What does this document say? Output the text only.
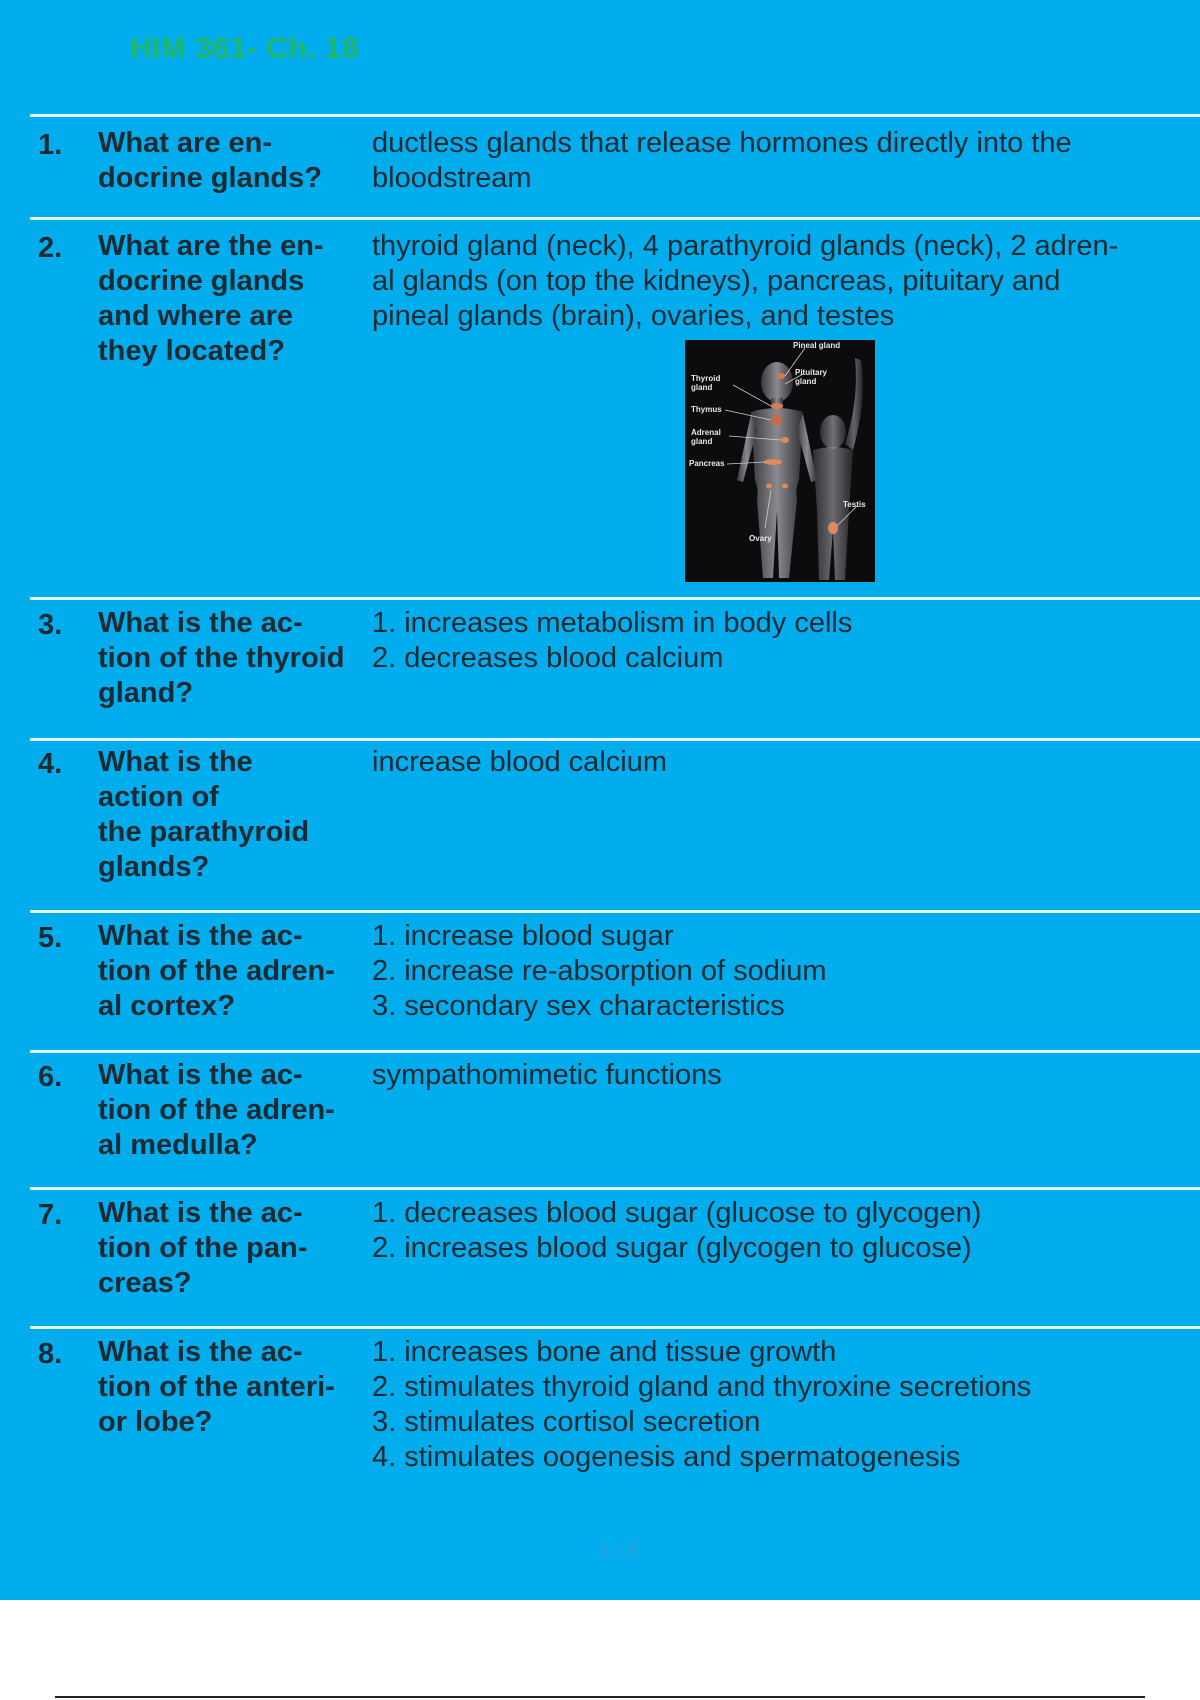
HIM 361- Ch. 18
1. What are en-
docrine glands?
ductless glands that release hormones directly into the
bloodstream
2. What are the en-
docrine glands
and where are
they located?
thyroid gland (neck), 4 parathyroid glands (neck), 2 adren-
al glands (on top the kidneys), pancreas, pituitary and
pineal glands (brain), ovaries, and testes
3. What is the ac-
tion of the thyroid
gland?
1. increases metabolism in body cells
2. decreases blood calcium
4. What is the
action of
the parathyroid
glands?
increase blood calcium
5. What is the ac-
tion of the adren-
al cortex?
1. increase blood sugar
2. increase re-absorption of sodium
3. secondary sex characteristics
6. What is the ac-
tion of the adren-
al medulla?
sympathomimetic functions
7. What is the ac-
tion of the pan-
creas?
1. decreases blood sugar (glucose to glycogen)
2. increases blood sugar (glycogen to glucose)
8. What is the ac-
tion of the anteri-
or lobe?
1. increases bone and tissue growth
2. stimulates thyroid gland and thyroxine secretions
3. stimulates cortisol secretion
4. stimulates oogenesis and spermatogenesis
Pineal gland
Pituitary gland
Thyroid gland
Thymus
Adrenal gland
Pancreas
Testis
Ovary
1 / 6
